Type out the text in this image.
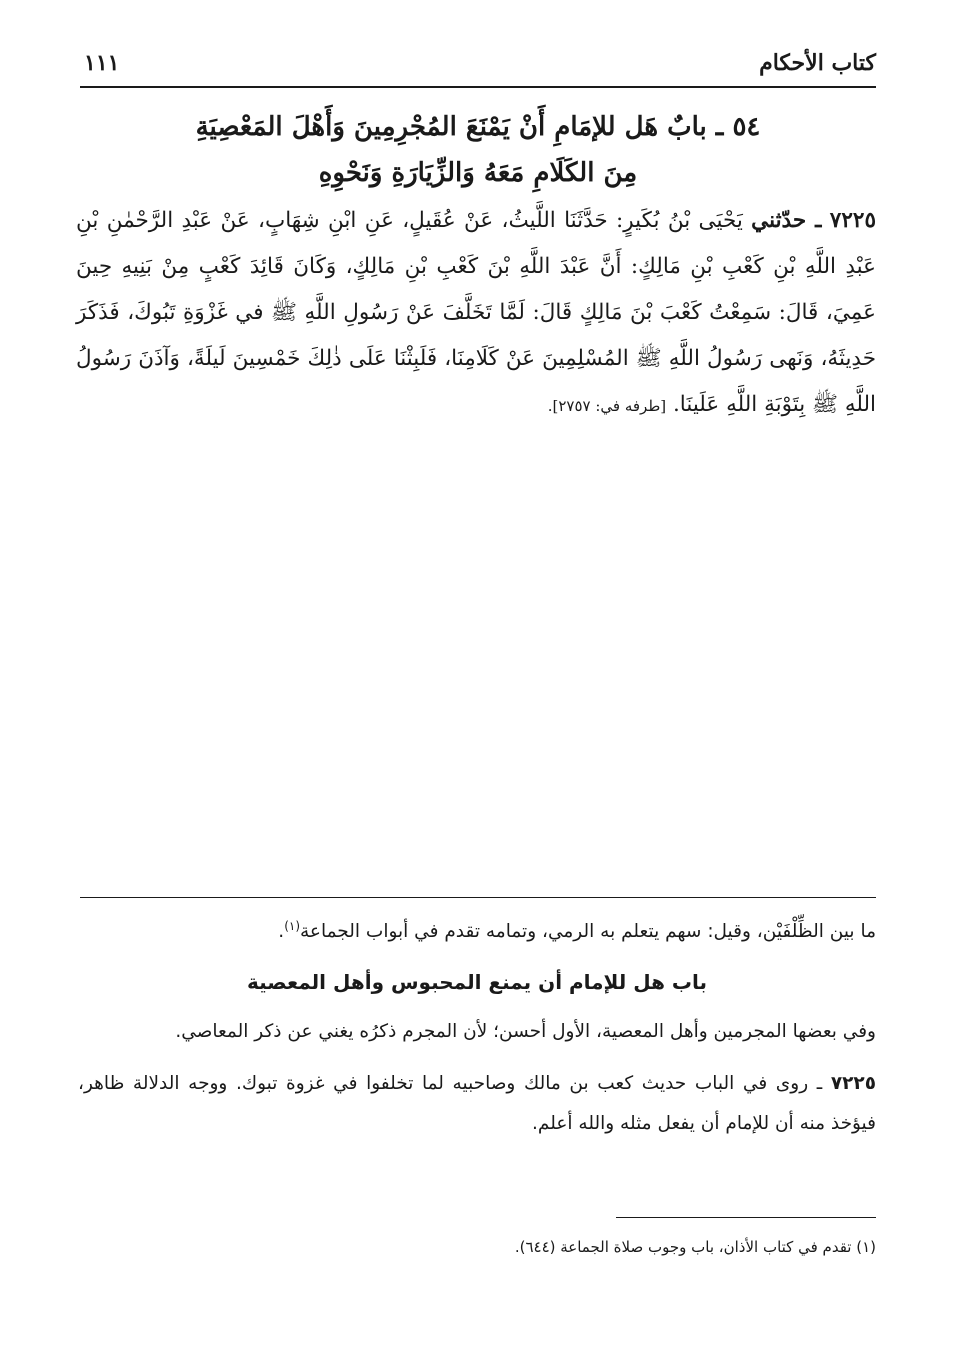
كتاب الأحكام
١١١
٥٤ ـ بابٌ هَل للإمَامِ أَنْ يَمْنَعَ المُجْرِمِينَ وَأَهْلَ المَعْصِيَةِ
مِنَ الكَلَامِ مَعَهُ وَالزِّيَارَةِ وَنَحْوِهِ
٧٢٢٥ ـ حدّثني يَحْيَى بْنُ بُكَيرٍ: حَدَّثَنَا اللَّيثُ، عَنْ عُقَيلٍ، عَنِ ابْنِ شِهَابٍ، عَنْ عَبْدِ الرَّحْمٰنِ بْنِ عَبْدِ اللَّهِ بْنِ كَعْبِ بْنِ مَالِكٍ: أَنَّ عَبْدَ اللَّهِ بْنَ كَعْبِ بْنِ مَالِكٍ، وَكَانَ قَائِدَ كَعْبٍ مِنْ بَنِيهِ حِينَ عَمِيَ، قَالَ: سَمِعْتُ كَعْبَ بْنَ مَالِكٍ قَالَ: لَمَّا تَخَلَّفَ عَنْ رَسُولِ اللَّهِ ﷺ في غَزْوَةِ تَبُوكَ، فَذَكَرَ حَدِيثَهُ، وَنَهى رَسُولُ اللَّهِ ﷺ المُسْلِمِينَ عَنْ كَلَامِنَا، فَلَبِثْنَا عَلَى ذٰلِكَ خَمْسِينَ لَيلَةً، وَآذَنَ رَسُولُ اللَّهِ ﷺ بِتَوْبَةِ اللَّهِ عَلَينَا. [طرفه في: ٢٧٥٧].

ما بين الظِّلْفَيْن، وقيل: سهم يتعلم به الرمي، وتمامه تقدم في أبواب الجماعة$^{(١)}$.

باب هل للإمام أن يمنع المحبوس وأهل المعصية

وفي بعضها المجرمين وأهل المعصية، الأول أحسن؛ لأن المجرم ذكرُه يغني عن ذكر المعاصي.

٧٢٢٥ ـ روى في الباب حديث كعب بن مالك وصاحبيه لما تخلفوا في غزوة تبوك. ووجه الدلالة ظاهر، فيؤخذ منه أن للإمام أن يفعل مثله والله أعلم.

(١) تقدم في كتاب الأذان، باب وجوب صلاة الجماعة (٦٤٤).
